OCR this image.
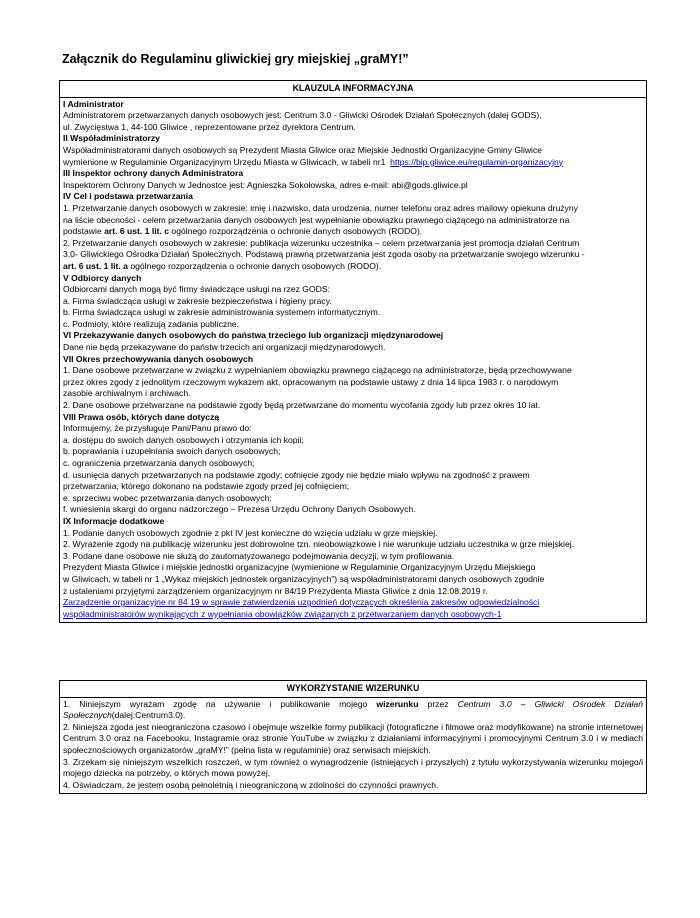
Załącznik do Regulaminu gliwickiej gry miejskiej „graMY!”
KLAUZULA INFORMACYJNA
I Administrator
Administratorem przetwarzanych danych osobowych jest: Centrum 3.0 - Gliwicki Ośrodek Działań Społecznych (dalej GODS),
ul. Zwycięstwa 1, 44-100 Gliwice , reprezentowane przez dyrektora Centrum.
II Współadministratorzy
Współadministratorami danych osobowych są Prezydent Miasta Gliwice oraz Miejskie Jednostki Organizacyjne Gminy Gliwice
wymienione w Regulaminie Organizacyjnym Urzędu Miasta w Gliwicach, w tabeli nr1 https://bip.gliwice.eu/regulamin-organizacyjny
III Inspektor ochrony danych Administratora
Inspektorem Ochrony Danych w Jednostce jest: Agnieszka Sokołowska, adres e-mail: abi@gods.gliwice.pl
IV Cel i podstawa przetwarzania
1. Przetwarzanie danych osobowych w zakresie: imię i nazwisko, data urodzenia, numer telefonu oraz adres mailowy opiekuna drużyny
na liście obecności - celem przetwarzania danych osobowych jest wypełnianie obowiązku prawnego ciążącego na administratorze na
podstawie art. 6 ust. 1 lit. c ogólnego rozporządzenia o ochronie danych osobowych (RODO).
2. Przetwarzanie danych osobowych w zakresie: publikacja wizerunku uczestnika – celem przetwarzania jest promocja działań Centrum
3.0- Gliwickiego Ośrodka Działań Społecznych. Podstawą prawną przetwarzania jest zgoda osoby na przetwarzanie swojego wizerunku -
art. 6 ust. 1 lit. a ogólnego rozporządzenia o ochronie danych osobowych (RODO).
V Odbiorcy danych
Odbiorcami danych mogą być firmy świadczące usługi na rzez GODS:
a. Firma świadcząca usługi w zakresie bezpieczeństwa i higieny pracy.
b. Firma świadcząca usługi w zakresie administrowania systemem informatycznym.
c. Podmioty, które realizują zadania publiczne.
VI Przekazywanie danych osobowych do państwa trzeciego lub organizacji międzynarodowej
Dane nie będą przekazywane do państw trzecich ani organizacji międzynarodowych.
VII Okres przechowywania danych osobowych
1. Dane osobowe przetwarzane w związku z wypełnianiem obowiązku prawnego ciążącego na administratorze, będą przechowywane
przez okres zgody z jednolitym rzeczowym wykazem akt, opracowanym na podstawie ustawy z dnia 14 lipca 1983 r. o narodowym
zasobie archiwalnym i archiwach.
2. Dane osobowe przetwarzane na podstawie zgody będą przetwarzane do momentu wycofania zgody lub przez okres 10 lat.
VIII Prawa osób, których dane dotyczą
Informujemy, że przysługuje Pani/Panu prawo do:
a. dostępu do swoich danych osobowych i otrzymania ich kopii;
b. poprawiania i uzupełniania swoich danych osobowych;
c. ograniczenia przetwarzania danych osobowych;
d. usunięcia danych przetwarzanych na podstawie zgody; cofnięcie zgody nie będzie miało wpływu na zgodność z prawem
przetwarzania, którego dokonano na podstawie zgody przed jej cofnięciem;
e. sprzeciwu wobec przetwarzania danych osobowych;
f. wniesienia skargi do organu nadzorczego – Prezesa Urzędu Ochrony Danych Osobowych.
IX Informacje dodatkowe
1. Podanie danych osobowych zgodnie z pkt IV jest konieczne do wzięcia udziału w grze miejskiej.
2. Wyrażenie zgody na publikację wizerunku jest dobrowolne tzn. nieobowiązkowe i nie warunkuje udziału uczestnika w grze miejskiej.
3. Podane dane osobowe nie służą do zautomatyzowanego podejmowania decyzji, w tym profilowania.
Prezydent Miasta Gliwice i miejskie jednostki organizacyjne (wymienione w Regulaminie Organizacyjnym Urzędu Miejskiego
w Gliwicach, w tabeli nr 1 „Wykaz miejskich jednostek organizacyjnych”) są współadministratorami danych osobowych zgodnie
z ustaleniami przyjętymi zarządzeniem organizacyjnym nr 84/19 Prezydenta Miasta Gliwice z dnia 12.08.2019 r.
Zarządzenie organizacyjne nr 84 19 w sprawie zatwierdzenia uzgodnień dotyczących określenia zakresów odpowiedzialności
współadministratorów wynikających z wypełniania obowiązków związanych z przetwarzaniem danych osobowych-1
WYKORZYSTANIE WIZERUNKU
1. Niniejszym wyrażam zgodę na używanie i publikowanie mojego wizerunku przez Centrum 3.0 – Gliwicki Ośrodek Działań Społecznych(dalej:Centrum3.0).
2. Niniejsza zgoda jest nieograniczona czasowo i obejmuje wszelkie formy publikacji (fotograficzne i filmowe oraz modyfikowane) na stronie internetowej Centrum 3.0 oraz na Facebooku, Instagramie oraz stronie YouTube w związku z działaniami informacyjnymi i promocyjnymi Centrum 3.0 i w mediach społecznościowych organizatorów „graMY!” (pełna lista w regulaminie) oraz serwisach miejskich.
3. Zrzekam się niniejszym wszelkich roszczeń, w tym również o wynagrodzenie (istniejących i przyszłych) z tytułu wykorzystywania wizerunku mojego/i mojego dziecka na potrzeby, o których mowa powyżej.
4. Oświadczam, że jestem osobą pełnoletnią i nieograniczoną w zdolności do czynności prawnych.
